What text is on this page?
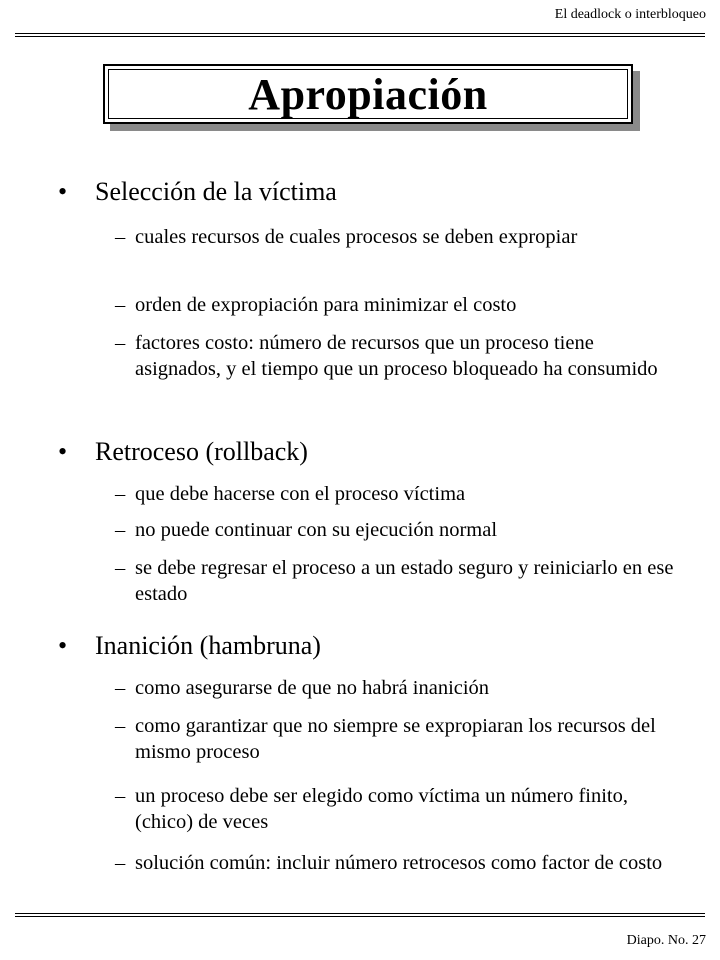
El deadlock o interbloqueo
Apropiación
•	Selección de la víctima
– cuales recursos de cuales procesos se deben expropiar
– orden de expropiación para minimizar el costo
– factores costo: número de recursos que un proceso tiene asignados, y el tiempo que un proceso bloqueado ha consumido
•	Retroceso (rollback)
– que debe hacerse con el proceso víctima
– no puede continuar con su ejecución normal
– se debe regresar el proceso a un estado seguro y reiniciarlo en ese estado
•	Inanición (hambruna)
– como asegurarse de que no habrá inanición
– como garantizar que no siempre se expropiaran los recursos del mismo proceso
– un proceso debe ser elegido como víctima un número finito, (chico) de veces
– solución común: incluir número retrocesos como factor de costo
Diapo. No. 27
